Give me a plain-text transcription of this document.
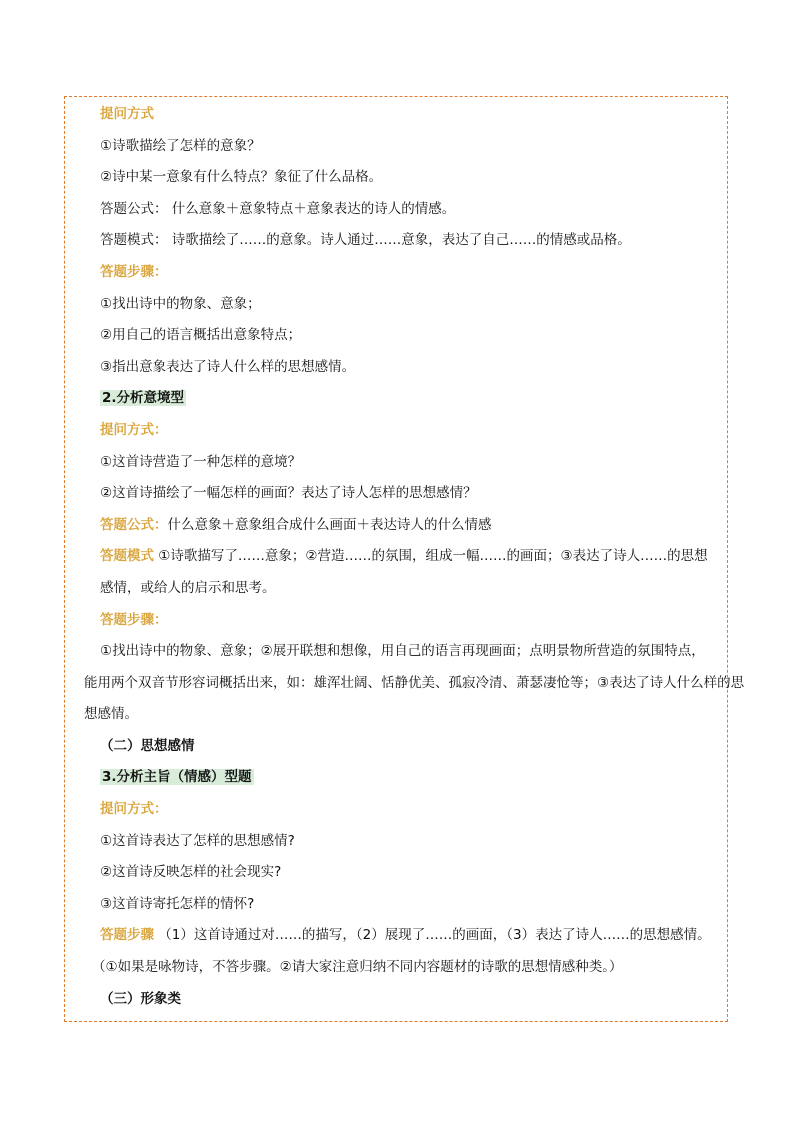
提问方式
①诗歌描绘了怎样的意象？
②诗中某一意象有什么特点？象征了什么品格。
答题公式： 什么意象＋意象特点＋意象表达的诗人的情感。
答题模式： 诗歌描绘了……的意象。诗人通过……意象，表达了自己……的情感或品格。
答题步骤：
①找出诗中的物象、意象；
②用自己的语言概括出意象特点；
③指出意象表达了诗人什么样的思想感情。
2.分析意境型
提问方式：
①这首诗营造了一种怎样的意境？
②这首诗描绘了一幅怎样的画面？表达了诗人怎样的思想感情？
答题公式：什么意象＋意象组合成什么画面＋表达诗人的什么情感
答题模式 ①诗歌描写了……意象；②营造……的氛围，组成一幅……的画面；③表达了诗人……的思想
感情，或给人的启示和思考。
答题步骤：
①找出诗中的物象、意象；②展开联想和想像，用自己的语言再现画面；点明景物所营造的氛围特点，
能用两个双音节形容词概括出来，如：雄浑壮阔、恬静优美、孤寂冷清、萧瑟凄怆等；③表达了诗人什么样的思
想感情。
（二）思想感情
3.分析主旨（情感）型题
提问方式：
①这首诗表达了怎样的思想感情?
②这首诗反映怎样的社会现实?
③这首诗寄托怎样的情怀?
答题步骤 （1）这首诗通过对……的描写，（2）展现了……的画面，（3）表达了诗人……的思想感情。
（①如果是咏物诗，不答步骤。②请大家注意归纳不同内容题材的诗歌的思想情感种类。）
（三）形象类
